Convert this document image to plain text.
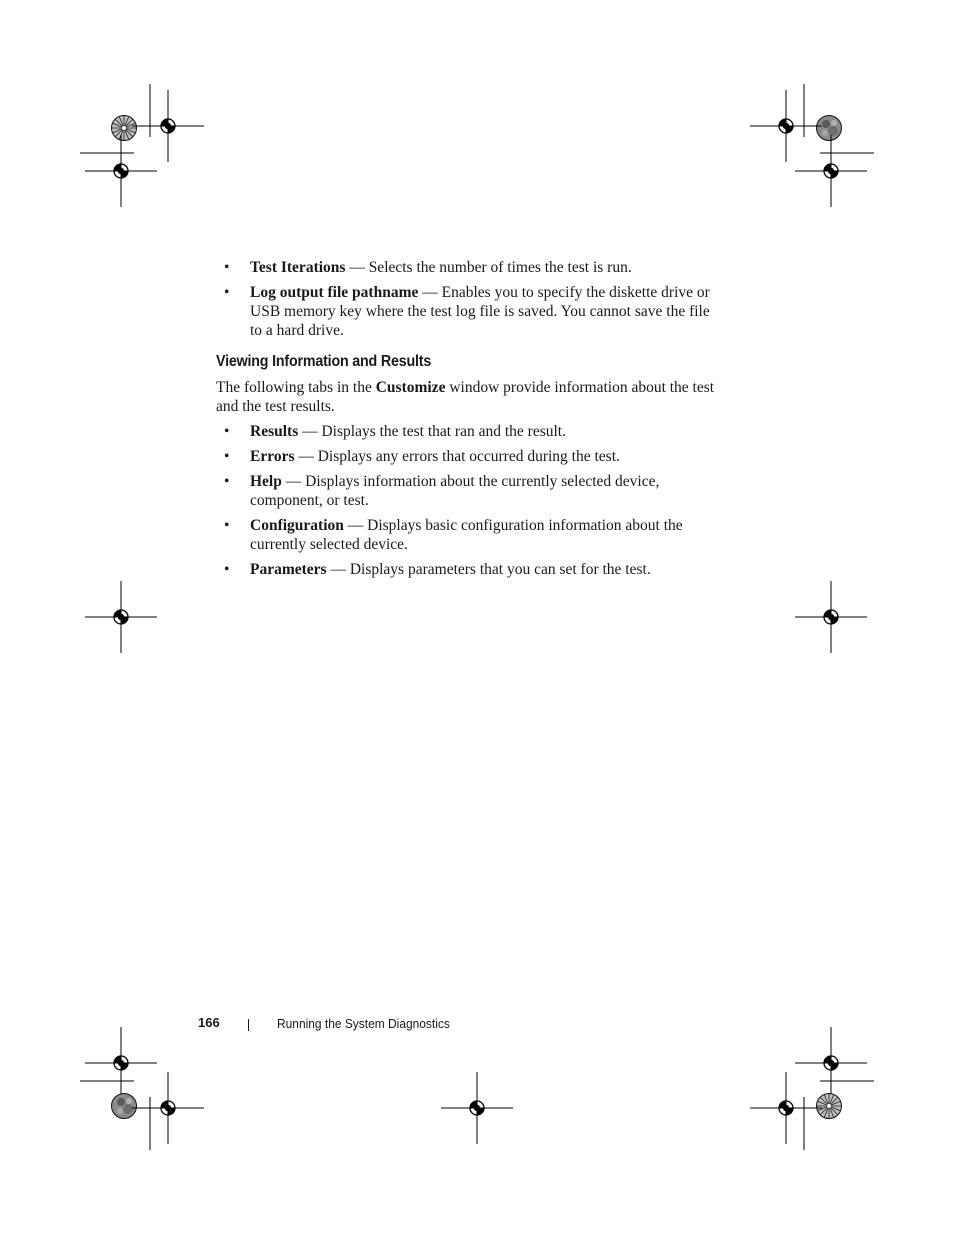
• Test Iterations — Selects the number of times the test is run.
• Log output file pathname — Enables you to specify the diskette drive or USB memory key where the test log file is saved. You cannot save the file to a hard drive.
Viewing Information and Results

The following tabs in the Customize window provide information about the test and the test results.

• Results — Displays the test that ran and the result.
• Errors — Displays any errors that occurred during the test.
• Help — Displays information about the currently selected device, component, or test.
• Configuration — Displays basic configuration information about the currently selected device.
• Parameters — Displays parameters that you can set for the test.
166	Running the System Diagnostics
